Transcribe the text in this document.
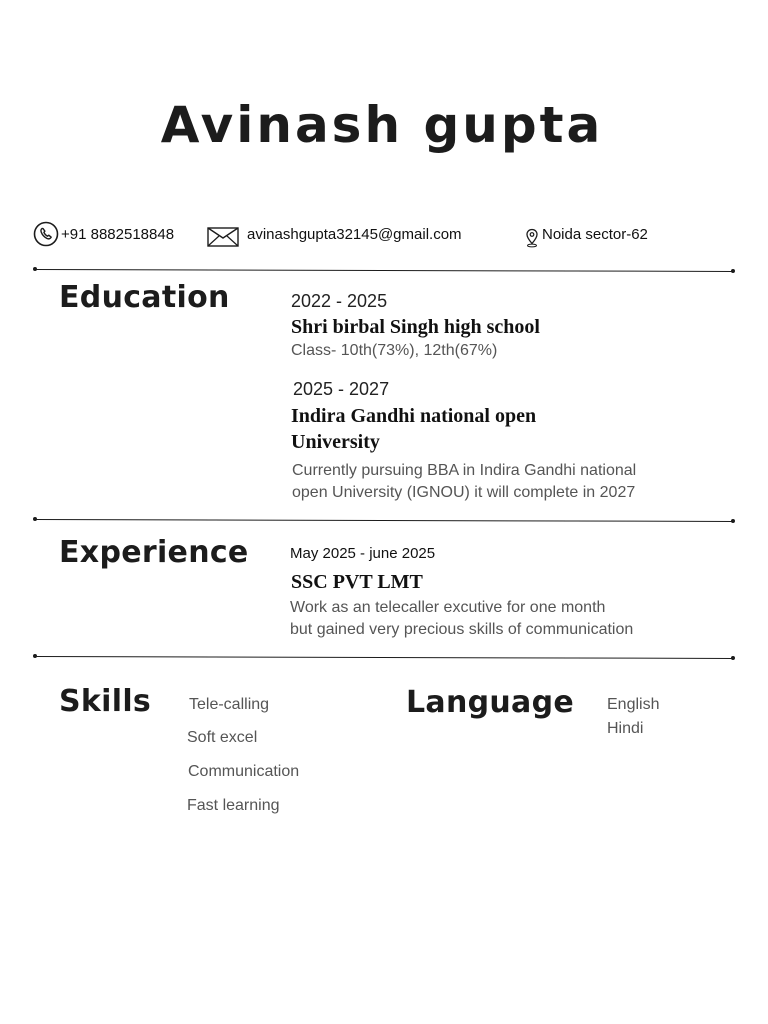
Avinash gupta
+91 8882518848	avinashgupta32145@gmail.com	Noida sector-62
Education	2022 - 2025
Shri birbal Singh high school
Class- 10th(73%), 12th(67%)
2025 - 2027
Indira Gandhi national open
University
Currently pursuing BBA in Indira Gandhi national
open University (IGNOU) it will complete in 2027
Experience	May 2025 - june 2025
SSC PVT LMT
Work as an telecaller excutive for one month
but gained very precious skills of communication
Skills Tele-calling
Soft excel
Communication
Fast learning
Language English
Hindi
